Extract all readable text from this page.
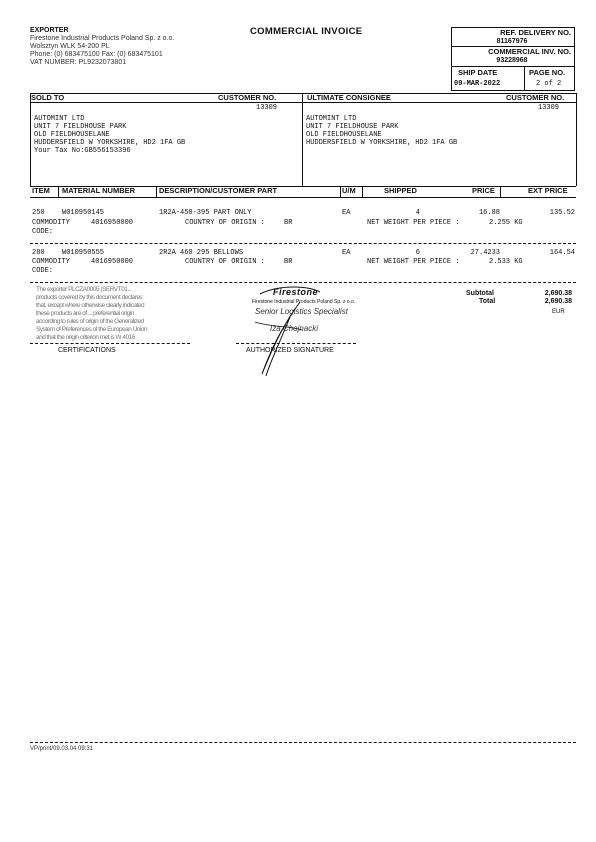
EXPORTER
Firestone Industrial Products Poland Sp. z o.o.
Wolsztyn WLK 54-200 PL
Phone: (0) 683475100 Fax: (0) 683475101
VAT NUMBER: PL9232073801
COMMERCIAL INVOICE	REF. DELIVERY NO.
81167976
COMMERCIAL INV. NO.
93228968
SHIP DATE	PAGE NO.
09-MAR-2022	2 of 2
SOLD TO	CUSTOMER NO.	ULTIMATE CONSIGNEE	CUSTOMER NO.
13309
AUTOMINT LTD
UNIT 7 FIELDHOUSE PARK
OLD FIELDHOUSELANE
HUDDERSFIELD W YORKSHIRE, HD2 1FA GB
Your Tax No:GB556153396
13309
AUTOMINT LTD
UNIT 7 FIELDHOUSE PARK
OLD FIELDHOUSELANE
HUDDERSFIELD W YORKSHIRE, HD2 1FA GB
ITEM MATERIAL NUMBER	DESCRIPTION/CUSTOMER PART	U/M	SHIPPED	PRICE	EXT PRICE
250 W010950145	1R2A-450-395 PART ONLY	EA	4	16.88	135.52
COMMODITY	4016950000	COUNTRY OF ORIGIN :	BR	NET WEIGHT PER PIECE :	2.255 KG
CODE:
280 W010950555	2R2A 460 295 BELLOWS	EA	6	27.4233	164.54
COMMODITY	4016950000	COUNTRY OF ORIGIN :	BR	NET WEIGHT PER PIECE :	2.533 KG
CODE:
The exporter PLCZA0005 (SERVT01...
products covered by this document declares
that, except where otherwise clearly indicated
these products are of ... preferential origin
according to rules of origin of the Generalized
System of Preferences of the European Union
and that the origin criterion met is W 4016
CERTIFICATIONS
Firestone
Firestone Industrial Products Poland Sp. z o.o.
Senior Logistics Specialist
Iza Chojnacki
AUTHORIZED SIGNATURE
Subtotal	2,690.38
Total	2,690.38
EUR
VP/print/09.03.04 09:31
